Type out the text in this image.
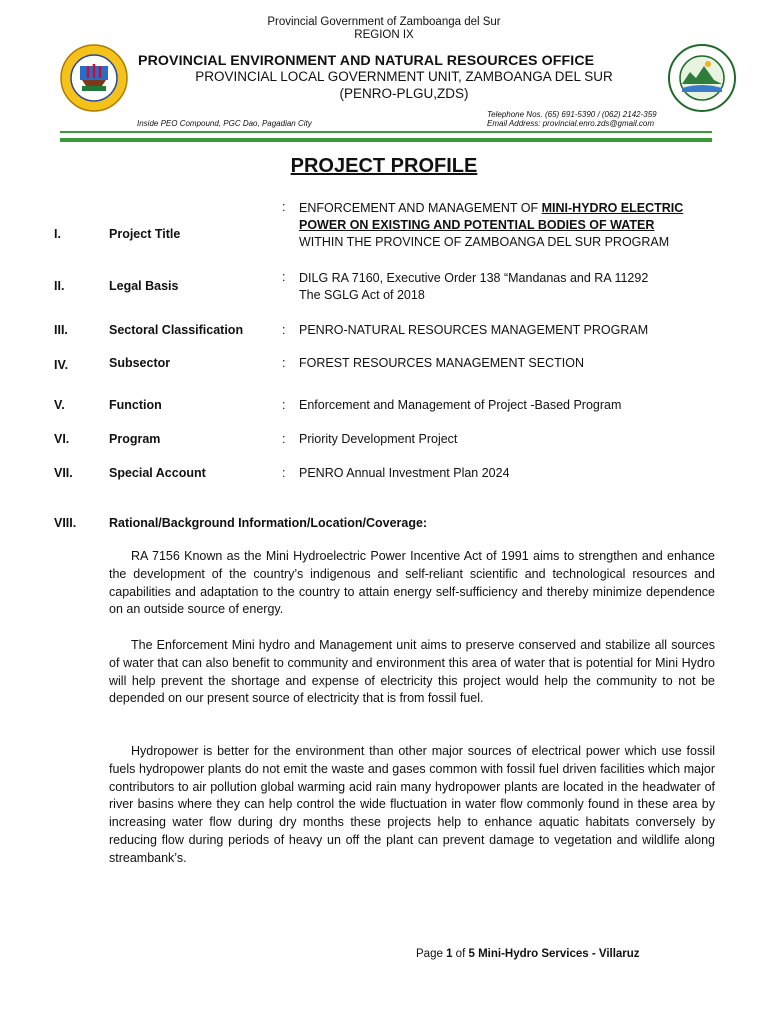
Provincial Government of Zamboanga del Sur
REGION IX
PROVINCIAL ENVIRONMENT AND NATURAL RESOURCES OFFICE
PROVINCIAL LOCAL GOVERNMENT UNIT, ZAMBOANGA DEL SUR
(PENRO-PLGU,ZDS)
Inside PEO Compound, PGC Dao, Pagadian City
Telephone Nos. (65) 691-5390 / (062) 2142-359
Email Address: provincial.enro.zds@gmail.com
PROJECT PROFILE
I.	Project Title
: ENFORCEMENT AND MANAGEMENT OF MINI-HYDRO ELECTRIC
POWER ON EXISTING AND POTENTIAL BODIES OF WATER
WITHIN THE PROVINCE OF ZAMBOANGA DEL SUR PROGRAM
II.	Legal Basis
: DILG RA 7160, Executive Order 138 “Mandanas and RA 11292
The SGLG Act of 2018
III.	Sectoral Classification	: PENRO-NATURAL RESOURCES MANAGEMENT PROGRAM
IV.	Subsector	: FOREST RESOURCES MANAGEMENT SECTION
V.	Function	: Enforcement and Management of Project -Based Program
VI.	Program	: Priority Development Project
VII.	Special Account	: PENRO Annual Investment Plan 2024
VIII.	Rational/Background Information/Location/Coverage:
RA 7156 Known as the Mini Hydroelectric Power Incentive Act of 1991 aims to strengthen and enhance the development of the country’s indigenous and self-reliant scientific and technological resources and capabilities and adaptation to the country to attain energy self-sufficiency and thereby minimize dependence on an outside source of energy.
The Enforcement Mini hydro and Management unit aims to preserve conserved and stabilize all sources of water that can also benefit to community and environment this area of water that is potential for Mini Hydro will help prevent the shortage and expense of electricity this project would help the community to not be depended on our present source of electricity that is from fossil fuel.
Hydropower is better for the environment than other major sources of electrical power which use fossil fuels hydropower plants do not emit the waste and gases common with fossil fuel driven facilities which major contributors to air pollution global warming acid rain many hydropower plants are located in the headwater of river basins where they can help control the wide fluctuation in water flow commonly found in these area by increasing water flow during dry months these projects help to enhance aquatic habitats conversely by reducing flow during periods of heavy un off the plant can prevent damage to vegetation and wildlife along streambank’s.
Page 1 of 5 Mini-Hydro Services - Villaruz
